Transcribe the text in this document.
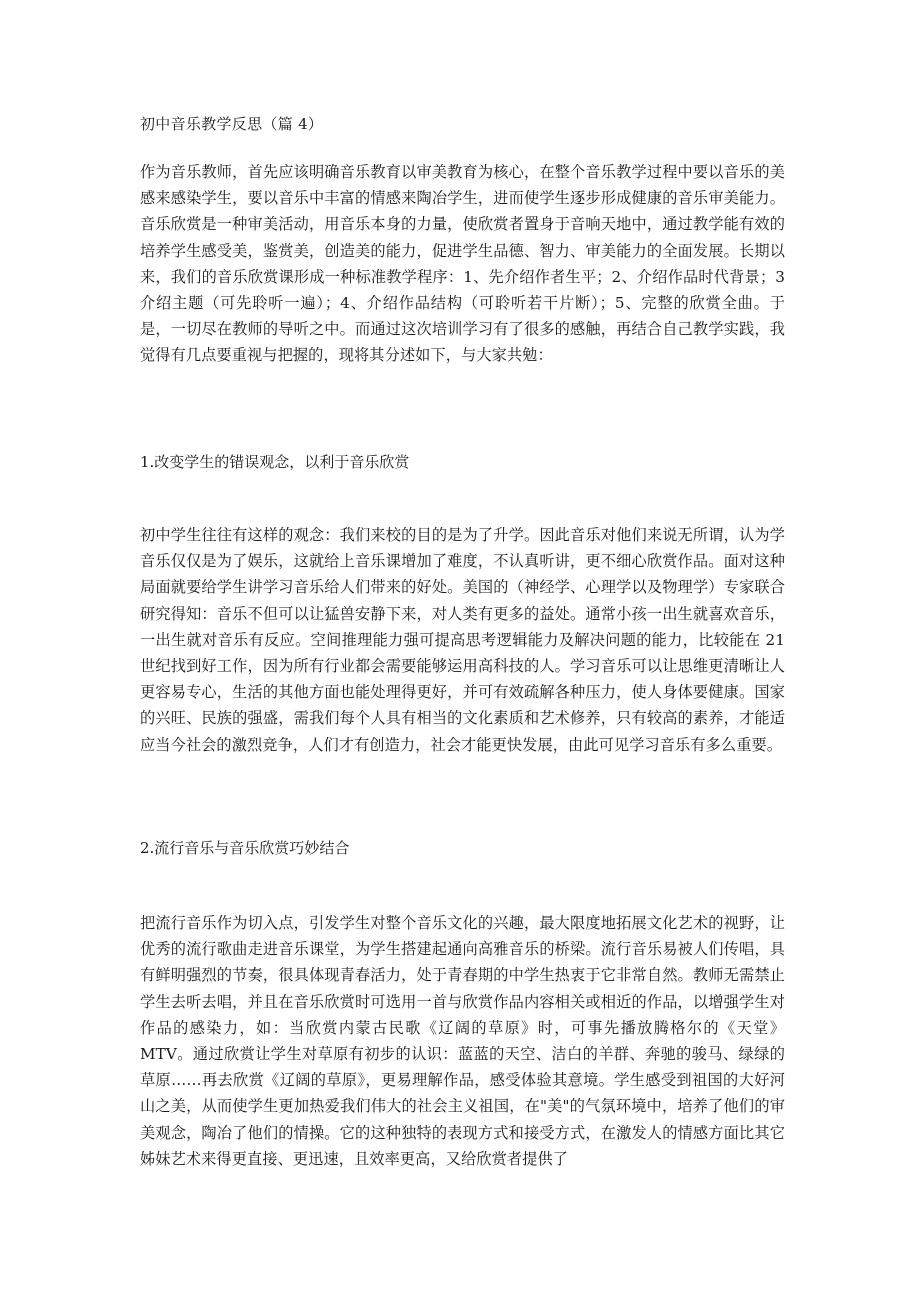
初中音乐教学反思（篇 4）

作为音乐教师，首先应该明确音乐教育以审美教育为核心，在整个音乐教学过程中要以音乐的美感来感染学生，要以音乐中丰富的情感来陶冶学生，进而使学生逐步形成健康的音乐审美能力。音乐欣赏是一种审美活动，用音乐本身的力量，使欣赏者置身于音响天地中，通过教学能有效的培养学生感受美，鉴赏美，创造美的能力，促进学生品德、智力、审美能力的全面发展。长期以来，我们的音乐欣赏课形成一种标准教学程序：1、先介绍作者生平；2、介绍作品时代背景；3 介绍主题（可先聆听一遍）；4、介绍作品结构（可聆听若干片断）；5、完整的欣赏全曲。于是，一切尽在教师的导听之中。而通过这次培训学习有了很多的感触，再结合自己教学实践，我觉得有几点要重视与把握的，现将其分述如下，与大家共勉：

1.改变学生的错误观念，以利于音乐欣赏

初中学生往往有这样的观念：我们来校的目的是为了升学。因此音乐对他们来说无所谓，认为学音乐仅仅是为了娱乐，这就给上音乐课增加了难度，不认真听讲，更不细心欣赏作品。面对这种局面就要给学生讲学习音乐给人们带来的好处。美国的（神经学、心理学以及物理学）专家联合研究得知：音乐不但可以让猛兽安静下来，对人类有更多的益处。通常小孩一出生就喜欢音乐，一出生就对音乐有反应。空间推理能力强可提高思考逻辑能力及解决问题的能力，比较能在 21 世纪找到好工作，因为所有行业都会需要能够运用高科技的人。学习音乐可以让思维更清晰让人更容易专心，生活的其他方面也能处理得更好，并可有效疏解各种压力，使人身体要健康。国家的兴旺、民族的强盛，需我们每个人具有相当的文化素质和艺术修养，只有较高的素养，才能适应当今社会的激烈竞争，人们才有创造力，社会才能更快发展，由此可见学习音乐有多么重要。

2.流行音乐与音乐欣赏巧妙结合

把流行音乐作为切入点，引发学生对整个音乐文化的兴趣，最大限度地拓展文化艺术的视野，让优秀的流行歌曲走进音乐课堂，为学生搭建起通向高雅音乐的桥梁。流行音乐易被人们传唱，具有鲜明强烈的节奏，很具体现青春活力，处于青春期的中学生热衷于它非常自然。教师无需禁止学生去听去唱，并且在音乐欣赏时可选用一首与欣赏作品内容相关或相近的作品，以增强学生对作品的感染力，如：当欣赏内蒙古民歌《辽阔的草原》时，可事先播放腾格尔的《天堂》MTV。通过欣赏让学生对草原有初步的认识：蓝蓝的天空、洁白的羊群、奔驰的骏马、绿绿的草原……再去欣赏《辽阔的草原》，更易理解作品，感受体验其意境。学生感受到祖国的大好河山之美，从而使学生更加热爱我们伟大的社会主义祖国，在"美"的气氛环境中，培养了他们的审美观念，陶冶了他们的情操。它的这种独特的表现方式和接受方式，在激发人的情感方面比其它姊妹艺术来得更直接、更迅速，且效率更高，又给欣赏者提供了
